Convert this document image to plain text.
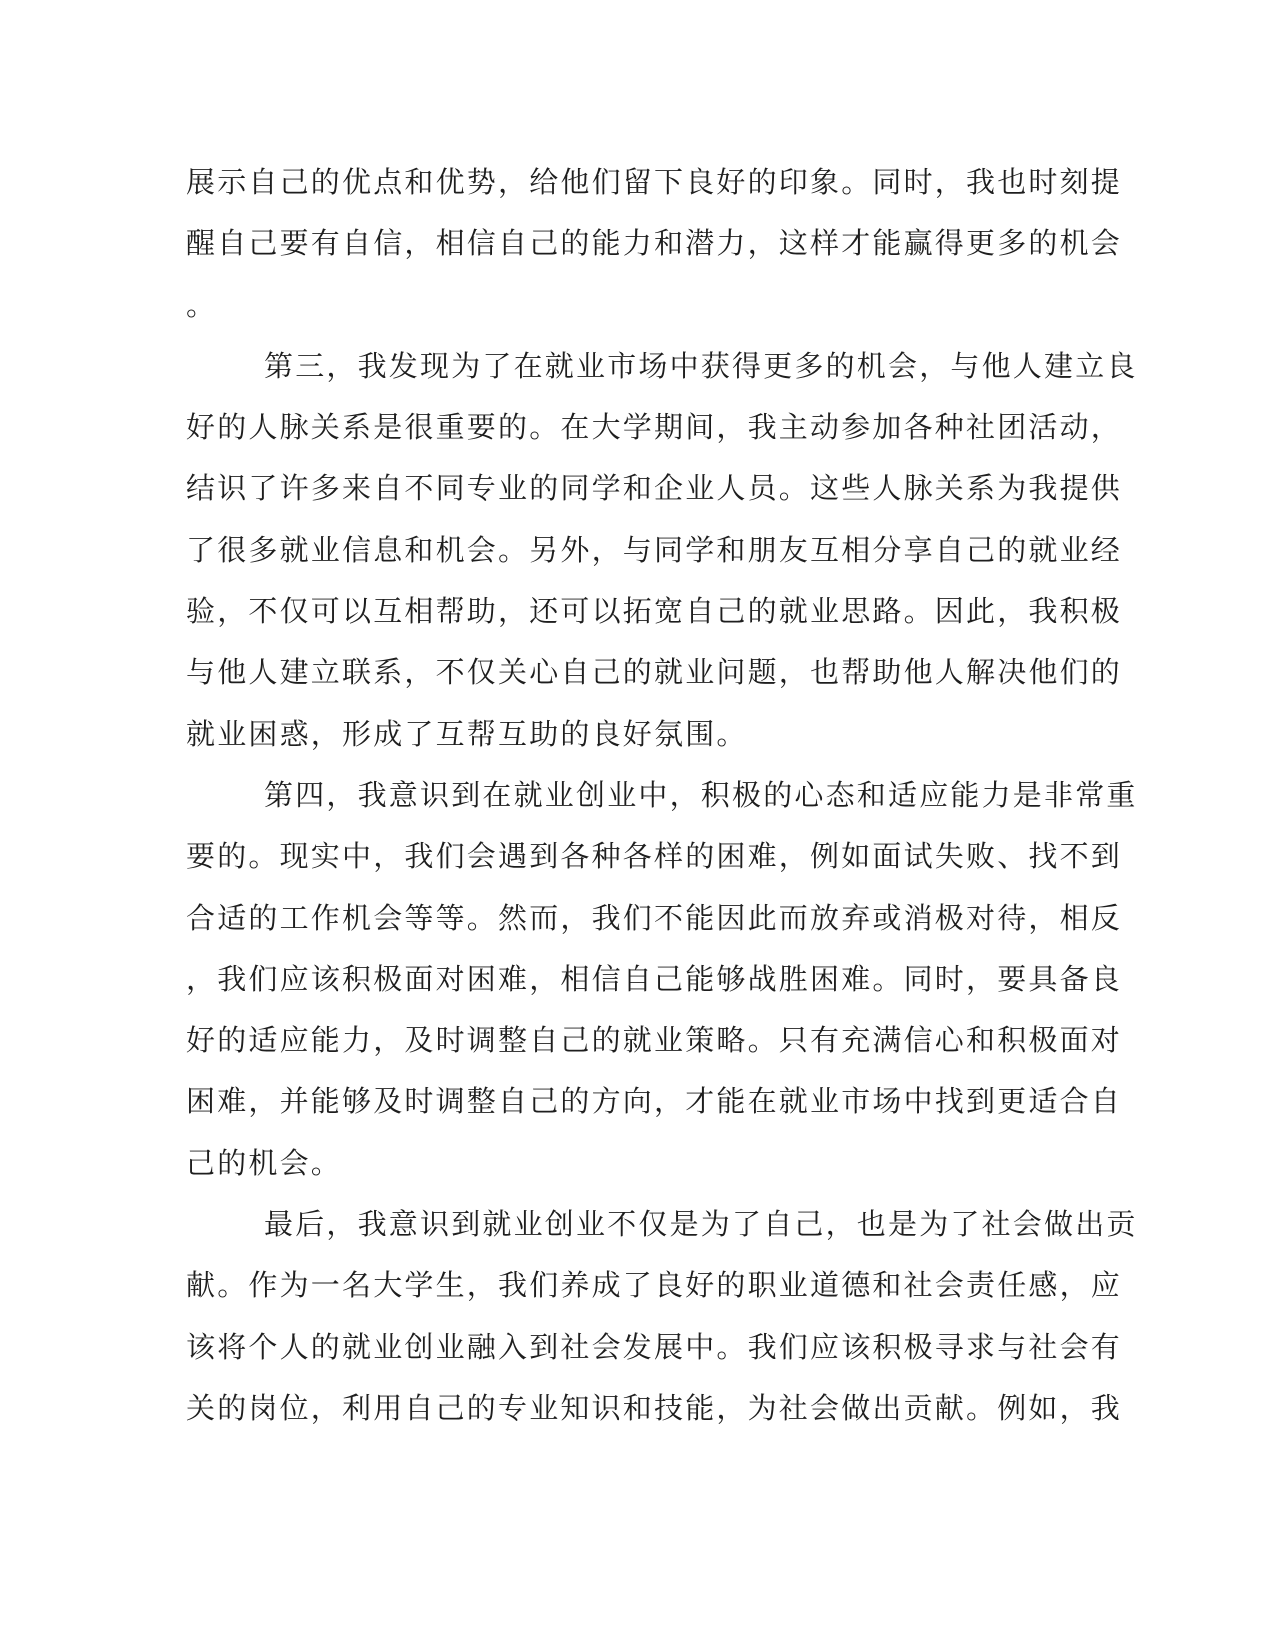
展示自己的优点和优势，给他们留下良好的印象。同时，我也时刻提
醒自己要有自信，相信自己的能力和潜力，这样才能赢得更多的机会
。
第三，我发现为了在就业市场中获得更多的机会，与他人建立良
好的人脉关系是很重要的。在大学期间，我主动参加各种社团活动，
结识了许多来自不同专业的同学和企业人员。这些人脉关系为我提供
了很多就业信息和机会。另外，与同学和朋友互相分享自己的就业经
验，不仅可以互相帮助，还可以拓宽自己的就业思路。因此，我积极
与他人建立联系，不仅关心自己的就业问题，也帮助他人解决他们的
就业困惑，形成了互帮互助的良好氛围。
第四，我意识到在就业创业中，积极的心态和适应能力是非常重
要的。现实中，我们会遇到各种各样的困难，例如面试失败、找不到
合适的工作机会等等。然而，我们不能因此而放弃或消极对待，相反
，我们应该积极面对困难，相信自己能够战胜困难。同时，要具备良
好的适应能力，及时调整自己的就业策略。只有充满信心和积极面对
困难，并能够及时调整自己的方向，才能在就业市场中找到更适合自
己的机会。
最后，我意识到就业创业不仅是为了自己，也是为了社会做出贡
献。作为一名大学生，我们养成了良好的职业道德和社会责任感，应
该将个人的就业创业融入到社会发展中。我们应该积极寻求与社会有
关的岗位，利用自己的专业知识和技能，为社会做出贡献。例如，我
